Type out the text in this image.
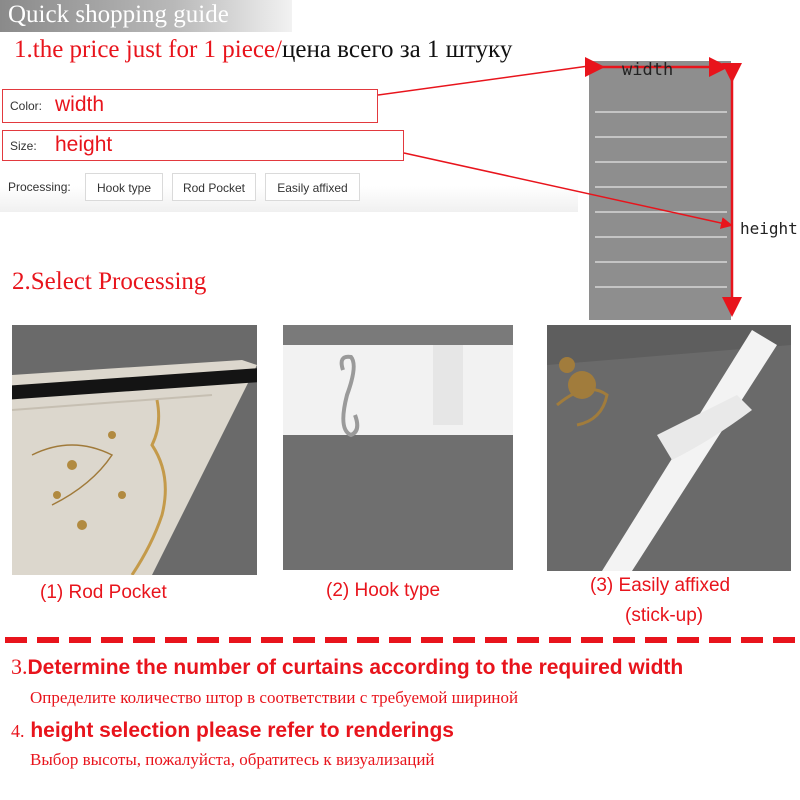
Quick shopping guide
1.the price just for 1 piece/цена всего за 1 штуку
Color: width
Size: height
Processing:	Hook type	Rod Pocket	Easily affixed
width
height
2.Select Processing
(1) Rod Pocket	(2) Hook type	(3) Easily affixed
(stick-up)
3.Determine the number of curtains according to the required width
Определите количество штор в соответствии с требуемой шириной
4. height selection please refer to renderings
Выбор высоты, пожалуйста, обратитесь к визуализаций
